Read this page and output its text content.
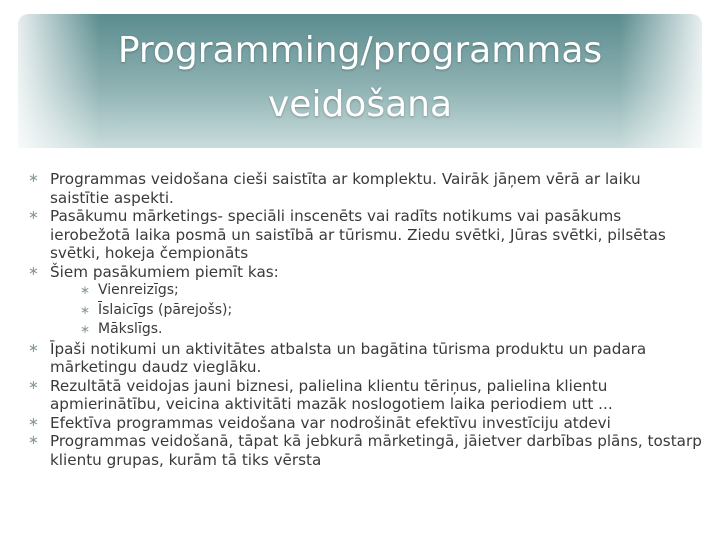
Programming/programmas
veidošana
∗ Programmas veidošana cieši saistīta ar komplektu. Vairāk jāņem vērā ar laiku saistītie aspekti.
∗ Pasākumu mārketings- speciāli inscenēts vai radīts notikums vai pasākums ierobežotā laika posmā un saistībā ar tūrismu. Ziedu svētki, Jūras svētki, pilsētas svētki, hokeja čempionāts
∗ Šiem pasākumiem piemīt kas:
∗ Vienreizīgs;
∗ Īslaicīgs (pārejošs);
∗ Mākslīgs.
∗ Īpaši notikumi un aktivitātes atbalsta un bagātina tūrisma produktu un padara mārketingu daudz vieglāku.
∗ Rezultātā veidojas jauni biznesi, palielina klientu tēriņus, palielina klientu apmierinātību, veicina aktivitāti mazāk noslogotiem laika periodiem utt ...
∗ Efektīva programmas veidošana var nodrošināt efektīvu investīciju atdevi
∗ Programmas veidošanā, tāpat kā jebkurā mārketingā, jāietver darbības plāns, tostarp klientu grupas, kurām tā tiks vērsta
